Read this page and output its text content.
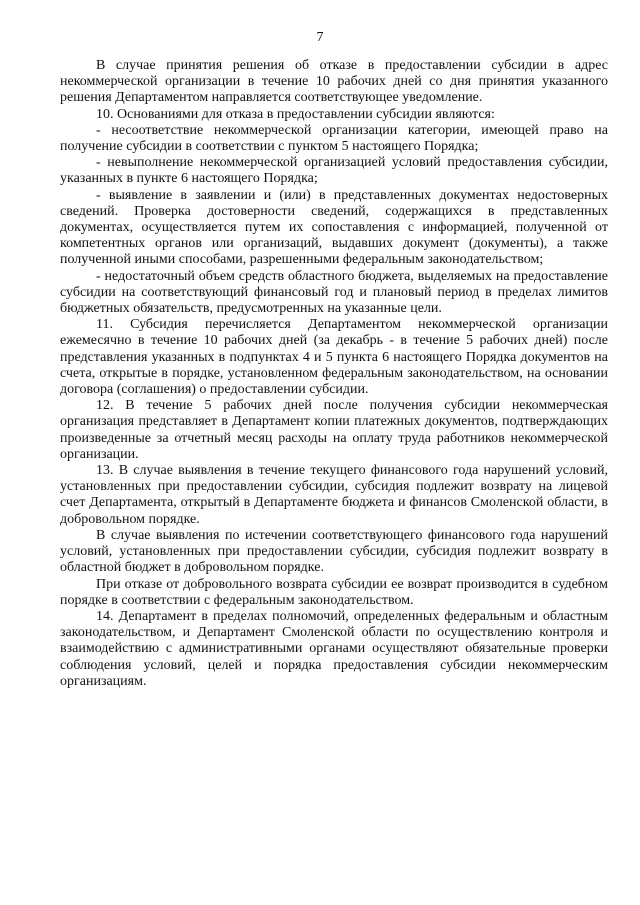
7

В случае принятия решения об отказе в предоставлении субсидии в адрес некоммерческой организации в течение 10 рабочих дней со дня принятия указанного решения Департаментом направляется соответствующее уведомление.

10. Основаниями для отказа в предоставлении субсидии являются:

- несоответствие некоммерческой организации категории, имеющей право на получение субсидии в соответствии с пунктом 5 настоящего Порядка;

- невыполнение некоммерческой организацией условий предоставления субсидии, указанных в пункте 6 настоящего Порядка;

- выявление в заявлении и (или) в представленных документах недостоверных сведений. Проверка достоверности сведений, содержащихся в представленных документах, осуществляется путем их сопоставления с информацией, полученной от компетентных органов или организаций, выдавших документ (документы), а также полученной иными способами, разрешенными федеральным законодательством;

- недостаточный объем средств областного бюджета, выделяемых на предоставление субсидии на соответствующий финансовый год и плановый период в пределах лимитов бюджетных обязательств, предусмотренных на указанные цели.

11. Субсидия перечисляется Департаментом некоммерческой организации ежемесячно в течение 10 рабочих дней (за декабрь - в течение 5 рабочих дней) после представления указанных в подпунктах 4 и 5 пункта 6 настоящего Порядка документов на счета, открытые в порядке, установленном федеральным законодательством, на основании договора (соглашения) о предоставлении субсидии.

12. В течение 5 рабочих дней после получения субсидии некоммерческая организация представляет в Департамент копии платежных документов, подтверждающих произведенные за отчетный месяц расходы на оплату труда работников некоммерческой организации.

13. В случае выявления в течение текущего финансового года нарушений условий, установленных при предоставлении субсидии, субсидия подлежит возврату на лицевой счет Департамента, открытый в Департаменте бюджета и финансов Смоленской области, в добровольном порядке.

В случае выявления по истечении соответствующего финансового года нарушений условий, установленных при предоставлении субсидии, субсидия подлежит возврату в областной бюджет в добровольном порядке.

При отказе от добровольного возврата субсидии ее возврат производится в судебном порядке в соответствии с федеральным законодательством.

14. Департамент в пределах полномочий, определенных федеральным и областным законодательством, и Департамент Смоленской области по осуществлению контроля и взаимодействию с административными органами осуществляют обязательные проверки соблюдения условий, целей и порядка предоставления субсидии некоммерческим организациям.
